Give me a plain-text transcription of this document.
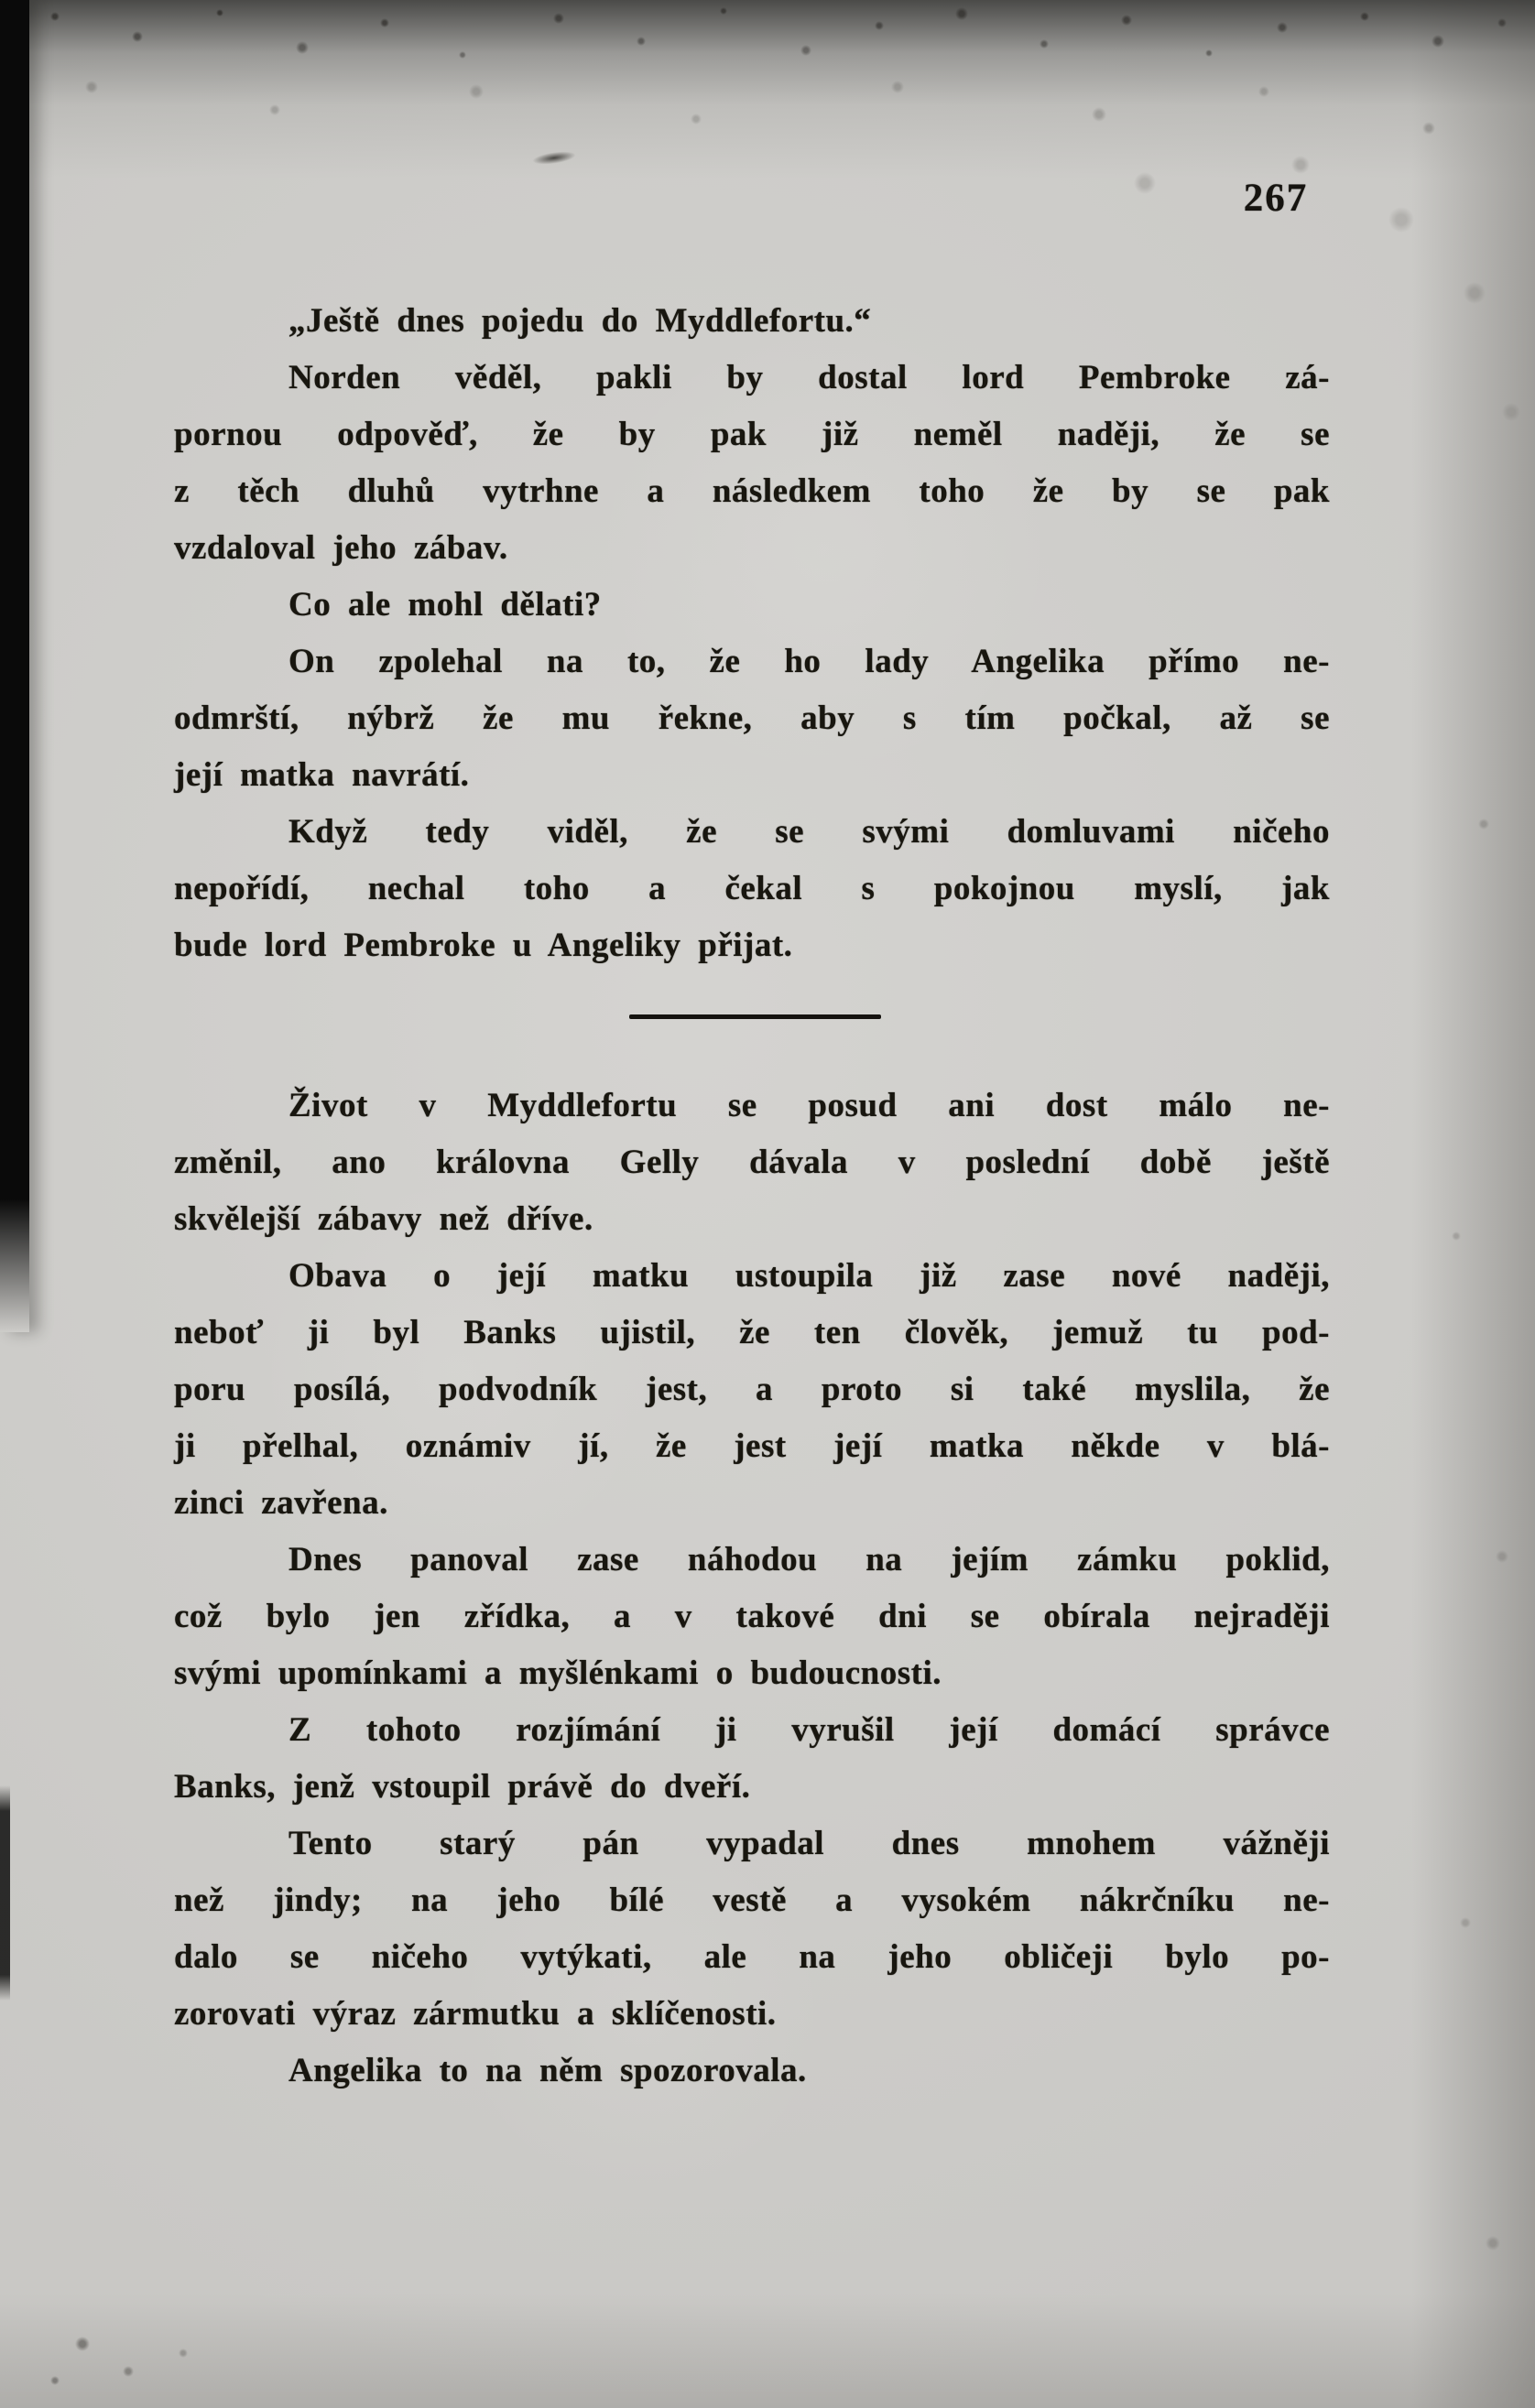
267
„Ještě dnes pojedu do Myddlefortu.“
Norden věděl, pakli by dostal lord Pembroke zá-
pornou odpověď, že by pak již neměl naději, že se
z těch dluhů vytrhne a následkem toho že by se pak
vzdaloval jeho zábav.
Co ale mohl dělati?
On zpolehal na to, že ho lady Angelika přímo ne-
odmrští, nýbrž že mu řekne, aby s tím počkal, až se
její matka navrátí.
Když tedy viděl, že se svými domluvami ničeho
nepořídí, nechal toho a čekal s pokojnou myslí, jak
bude lord Pembroke u Angeliky přijat.
Život v Myddlefortu se posud ani dost málo ne-
změnil, ano královna Gelly dávala v poslední době ještě
skvělejší zábavy než dříve.
Obava o její matku ustoupila již zase nové naději,
neboť ji byl Banks ujistil, že ten člověk, jemuž tu pod-
poru posílá, podvodník jest, a proto si také myslila, že
ji přelhal, oznámiv jí, že jest její matka někde v blá-
zinci zavřena.
Dnes panoval zase náhodou na jejím zámku poklid,
což bylo jen zřídka, a v takové dni se obírala nejraději
svými upomínkami a myšlénkami o budoucnosti.
Z tohoto rozjímání ji vyrušil její domácí správce
Banks, jenž vstoupil právě do dveří.
Tento starý pán vypadal dnes mnohem vážněji
než jindy; na jeho bílé vestě a vysokém nákrčníku ne-
dalo se ničeho vytýkati, ale na jeho obličeji bylo po-
zorovati výraz zármutku a sklíčenosti.
Angelika to na něm spozorovala.
